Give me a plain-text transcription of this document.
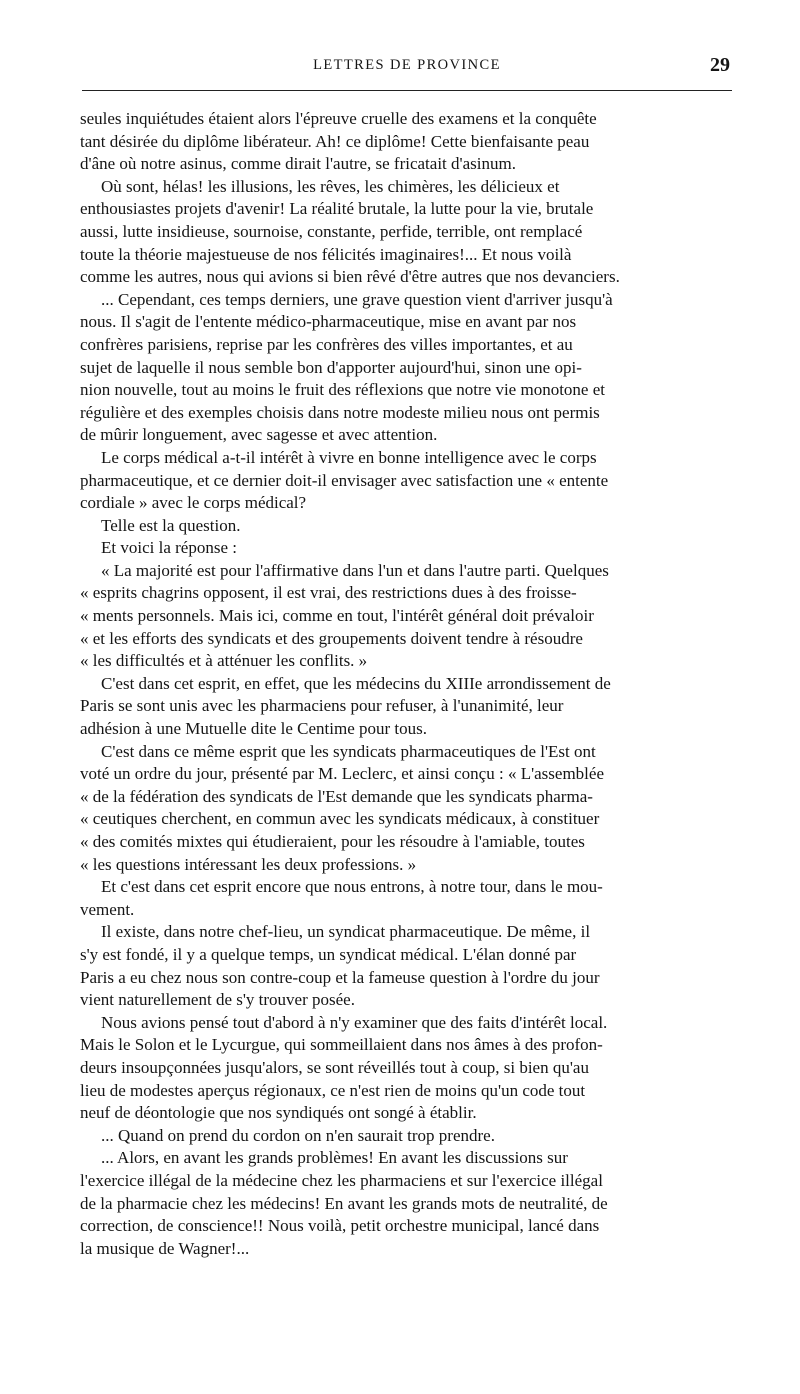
LETTRES DE PROVINCE	29
seules inquiétudes étaient alors l'épreuve cruelle des examens et la conquête
tant désirée du diplôme libérateur. Ah! ce diplôme! Cette bienfaisante peau
d'âne où notre asinus, comme dirait l'autre, se fricatait d'asinum.
Où sont, hélas! les illusions, les rêves, les chimères, les délicieux et
enthousiastes projets d'avenir! La réalité brutale, la lutte pour la vie, brutale
aussi, lutte insidieuse, sournoise, constante, perfide, terrible, ont remplacé
toute la théorie majestueuse de nos félicités imaginaires!... Et nous voilà
comme les autres, nous qui avions si bien rêvé d'être autres que nos devanciers.
... Cependant, ces temps derniers, une grave question vient d'arriver jusqu'à
nous. Il s'agit de l'entente médico-pharmaceutique, mise en avant par nos
confrères parisiens, reprise par les confrères des villes importantes, et au
sujet de laquelle il nous semble bon d'apporter aujourd'hui, sinon une opi-
nion nouvelle, tout au moins le fruit des réflexions que notre vie monotone et
régulière et des exemples choisis dans notre modeste milieu nous ont permis
de mûrir longuement, avec sagesse et avec attention.
Le corps médical a-t-il intérêt à vivre en bonne intelligence avec le corps
pharmaceutique, et ce dernier doit-il envisager avec satisfaction une « entente
cordiale » avec le corps médical?
Telle est la question.
Et voici la réponse :
« La majorité est pour l'affirmative dans l'un et dans l'autre parti. Quelques
« esprits chagrins opposent, il est vrai, des restrictions dues à des froisse-
« ments personnels. Mais ici, comme en tout, l'intérêt général doit prévaloir
« et les efforts des syndicats et des groupements doivent tendre à résoudre
« les difficultés et à atténuer les conflits. »
C'est dans cet esprit, en effet, que les médecins du XIIIe arrondissement de
Paris se sont unis avec les pharmaciens pour refuser, à l'unanimité, leur
adhésion à une Mutuelle dite le Centime pour tous.
C'est dans ce même esprit que les syndicats pharmaceutiques de l'Est ont
voté un ordre du jour, présenté par M. Leclerc, et ainsi conçu : « L'assemblée
« de la fédération des syndicats de l'Est demande que les syndicats pharma-
« ceutiques cherchent, en commun avec les syndicats médicaux, à constituer
« des comités mixtes qui étudieraient, pour les résoudre à l'amiable, toutes
« les questions intéressant les deux professions. »
Et c'est dans cet esprit encore que nous entrons, à notre tour, dans le mou-
vement.
Il existe, dans notre chef-lieu, un syndicat pharmaceutique. De même, il
s'y est fondé, il y a quelque temps, un syndicat médical. L'élan donné par
Paris a eu chez nous son contre-coup et la fameuse question à l'ordre du jour
vient naturellement de s'y trouver posée.
Nous avions pensé tout d'abord à n'y examiner que des faits d'intérêt local.
Mais le Solon et le Lycurgue, qui sommeillaient dans nos âmes à des profon-
deurs insoupçonnées jusqu'alors, se sont réveillés tout à coup, si bien qu'au
lieu de modestes aperçus régionaux, ce n'est rien de moins qu'un code tout
neuf de déontologie que nos syndiqués ont songé à établir.
... Quand on prend du cordon on n'en saurait trop prendre.
... Alors, en avant les grands problèmes! En avant les discussions sur
l'exercice illégal de la médecine chez les pharmaciens et sur l'exercice illégal
de la pharmacie chez les médecins! En avant les grands mots de neutralité, de
correction, de conscience!! Nous voilà, petit orchestre municipal, lancé dans
la musique de Wagner!...
